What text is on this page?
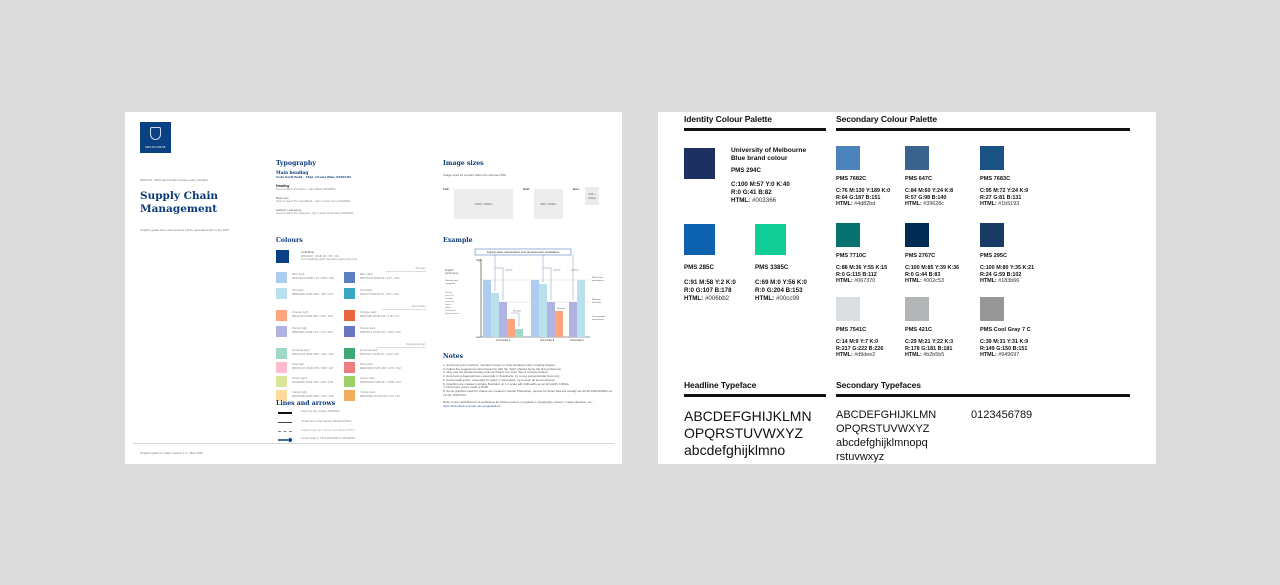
MELBOURNE
MSPN10 • FRO partnership courses video headline
Supply Chain Management
Graphic guide with a few accents will be generated with in the LMS
Graphic guide for LMS | version 1.1 · May 2022
Typography
Main heading
Noto Serif Bold - 18px (1rem) Blue #094183
Heading
Source Sans Pro Bold - 12px Black #000000
Body text
Source Sans Pro SemiBold - 10px (1em) Grey #404040
Subtext / reference
Source Sans Pro Regular - 8px (1em) Dark Grey #404040
Colours
UoM Blue
#094183 RGB 18 / 65 / 131
For headings and important elements only
Primary
Blue light
#ADCDF0 RGB 173 / 205 / 240
Blue dark
#5D7FC0 RGB 93 / 127 / 192
Teal light
#B9E1ED RGB 185 / 225 / 237
Teal dark
#39A7C0 RGB 57 / 167 / 192
Secondary
Orange light
#FFA47D RGB 255 / 164 / 125
Orange dark
#E7643E RGB 231 / 100 / 62
Purple light
#B0B3E1 RGB 176 / 179 / 225
Purple dark
#6B76C1 RGB 107 / 118 / 193
Supplementary
Emerald light
#9FDAC6 RGB 159 / 218 / 198
Emerald dark
#3DA977 RGB 61 / 169 / 119
Pink light
#FFBCCF RGB 255 / 188 / 207
Pink dark
#EE7E84 RGB 238 / 126 / 132
Green light
#DAE599 RGB 218 / 229 / 153
Green dark
#9DD066 RGB 157 / 208 / 102
Yellow light
#FFDA9E RGB 255 / 218 / 158
Yellow dark
#EFAD5D RGB 239 / 173 / 93
Lines and arrows
Axis line 2px stroke #000000
Graph line 1.5px stroke #4d4d4d 50%
Dashed line 1px stroke 1px dash #7f7f7f
Arrow head V 75% #094183 or #0a4d93
Image sizes
Image sizes for content within the Canvas LMS:
Full:
1093 x 556px
Half:
550 x 556px
Box:
226 x 226px
Example
Supply base optimisation and development candidates
High
Low
Supplier
performance
Potential perf.
categories
Delivery
Price cost
Flexibility
Cycle time
Service
Safety
Environment
Responsiveness
Develop	Develop	Develop
Eliminate
Eliminate
World class
performance
Minimum
threshold
Unacceptable
performance
Commodity A	Commodity B	Commodity C
Notes
1. Avoid using any borders, rounded corners or drop shadows when creating shapes
2. Follow the suggested colour hierarchy with the "light" shades being the first preference
3. Only use the supplementary colours if there are more than 4 colours needed
4. Avoid using diagonal lines, especially in flowcharts, try to use perpendicular lines only
5. Avoid rotating text, especially for graph Y axis labels, try to keep all text horizontal
6. Graphics are created in Adobe Illustrator, at 1:1 scale with Artboards set at full width: 1093px
7. Document colour mode is RGB
8. Some graphics used for videos are created in Adobe Photoshop, canvas for those files are usually set at HD 1920x1080px at 72 dpi, RGB 8 bit.
Refer to the UoM Brand hub guidelines for further queries in regards to typography, colours, image selection, etc.: https://brandhub.unimelb.edu.au/guidelines
Identity Colour Palette
University of Melbourne Blue brand colour
PMS 294C
C:100 M:57 Y:0 K:40
R:0 G:41 B:82
HTML: #003366
PMS 285C
C:91 M:58 Y:2 K:0
R:0 G:107 B:178
HTML: #006bb2
PMS 3385C
C:69 M:0 Y:56 K:0
R:0 G:204 B:153
HTML: #00cc99
Secondary Colour Palette
Headline Typeface
ABCDEFGHIJKLMN
OPQRSTUVWXYZ
abcdefghijklmno
Secondary Typefaces
ABCDEFGHIJKLMN
OPQRSTUVWXYZ
abcdefghijklmnopq
rstuvwxyz
0123456789
PMS 7682C
C:76 M:130 Y:189 K:0
R:64 G:187 B:151
HTML: #4d82bd
PMS 647C
C:84 M:60 Y:24 K:8
R:57 G:98 B:140
HTML: #39628c
PMS 7683C
C:95 M:72 Y:24 K:9
R:27 G:81 B:131
HTML: #1b5193
PMS 7710C
C:88 M:36 Y:55 K:15
R:0 G:115 B:112
HTML: #067370
PMS 2767C
C:100 M:85 Y:39 K:36
R:0 G:44 B:83
HTML: #002c53
PMS 295C
C:100 M:80 Y:35 K:21
R:24 G:59 B:102
HTML: #183b66
PMS 7541C
C:14 M:9 Y:7 K:0
R:217 G:222 B:226
HTML: #d9dee2
PMS 421C
C:29 M:21 Y:22 K:3
R:178 G:181 B:181
HTML: #b2b5b5
PMS Cool Gray 7 C
C:39 M:31 Y:31 K:9
R:149 G:150 B:151
HTML: #949697
